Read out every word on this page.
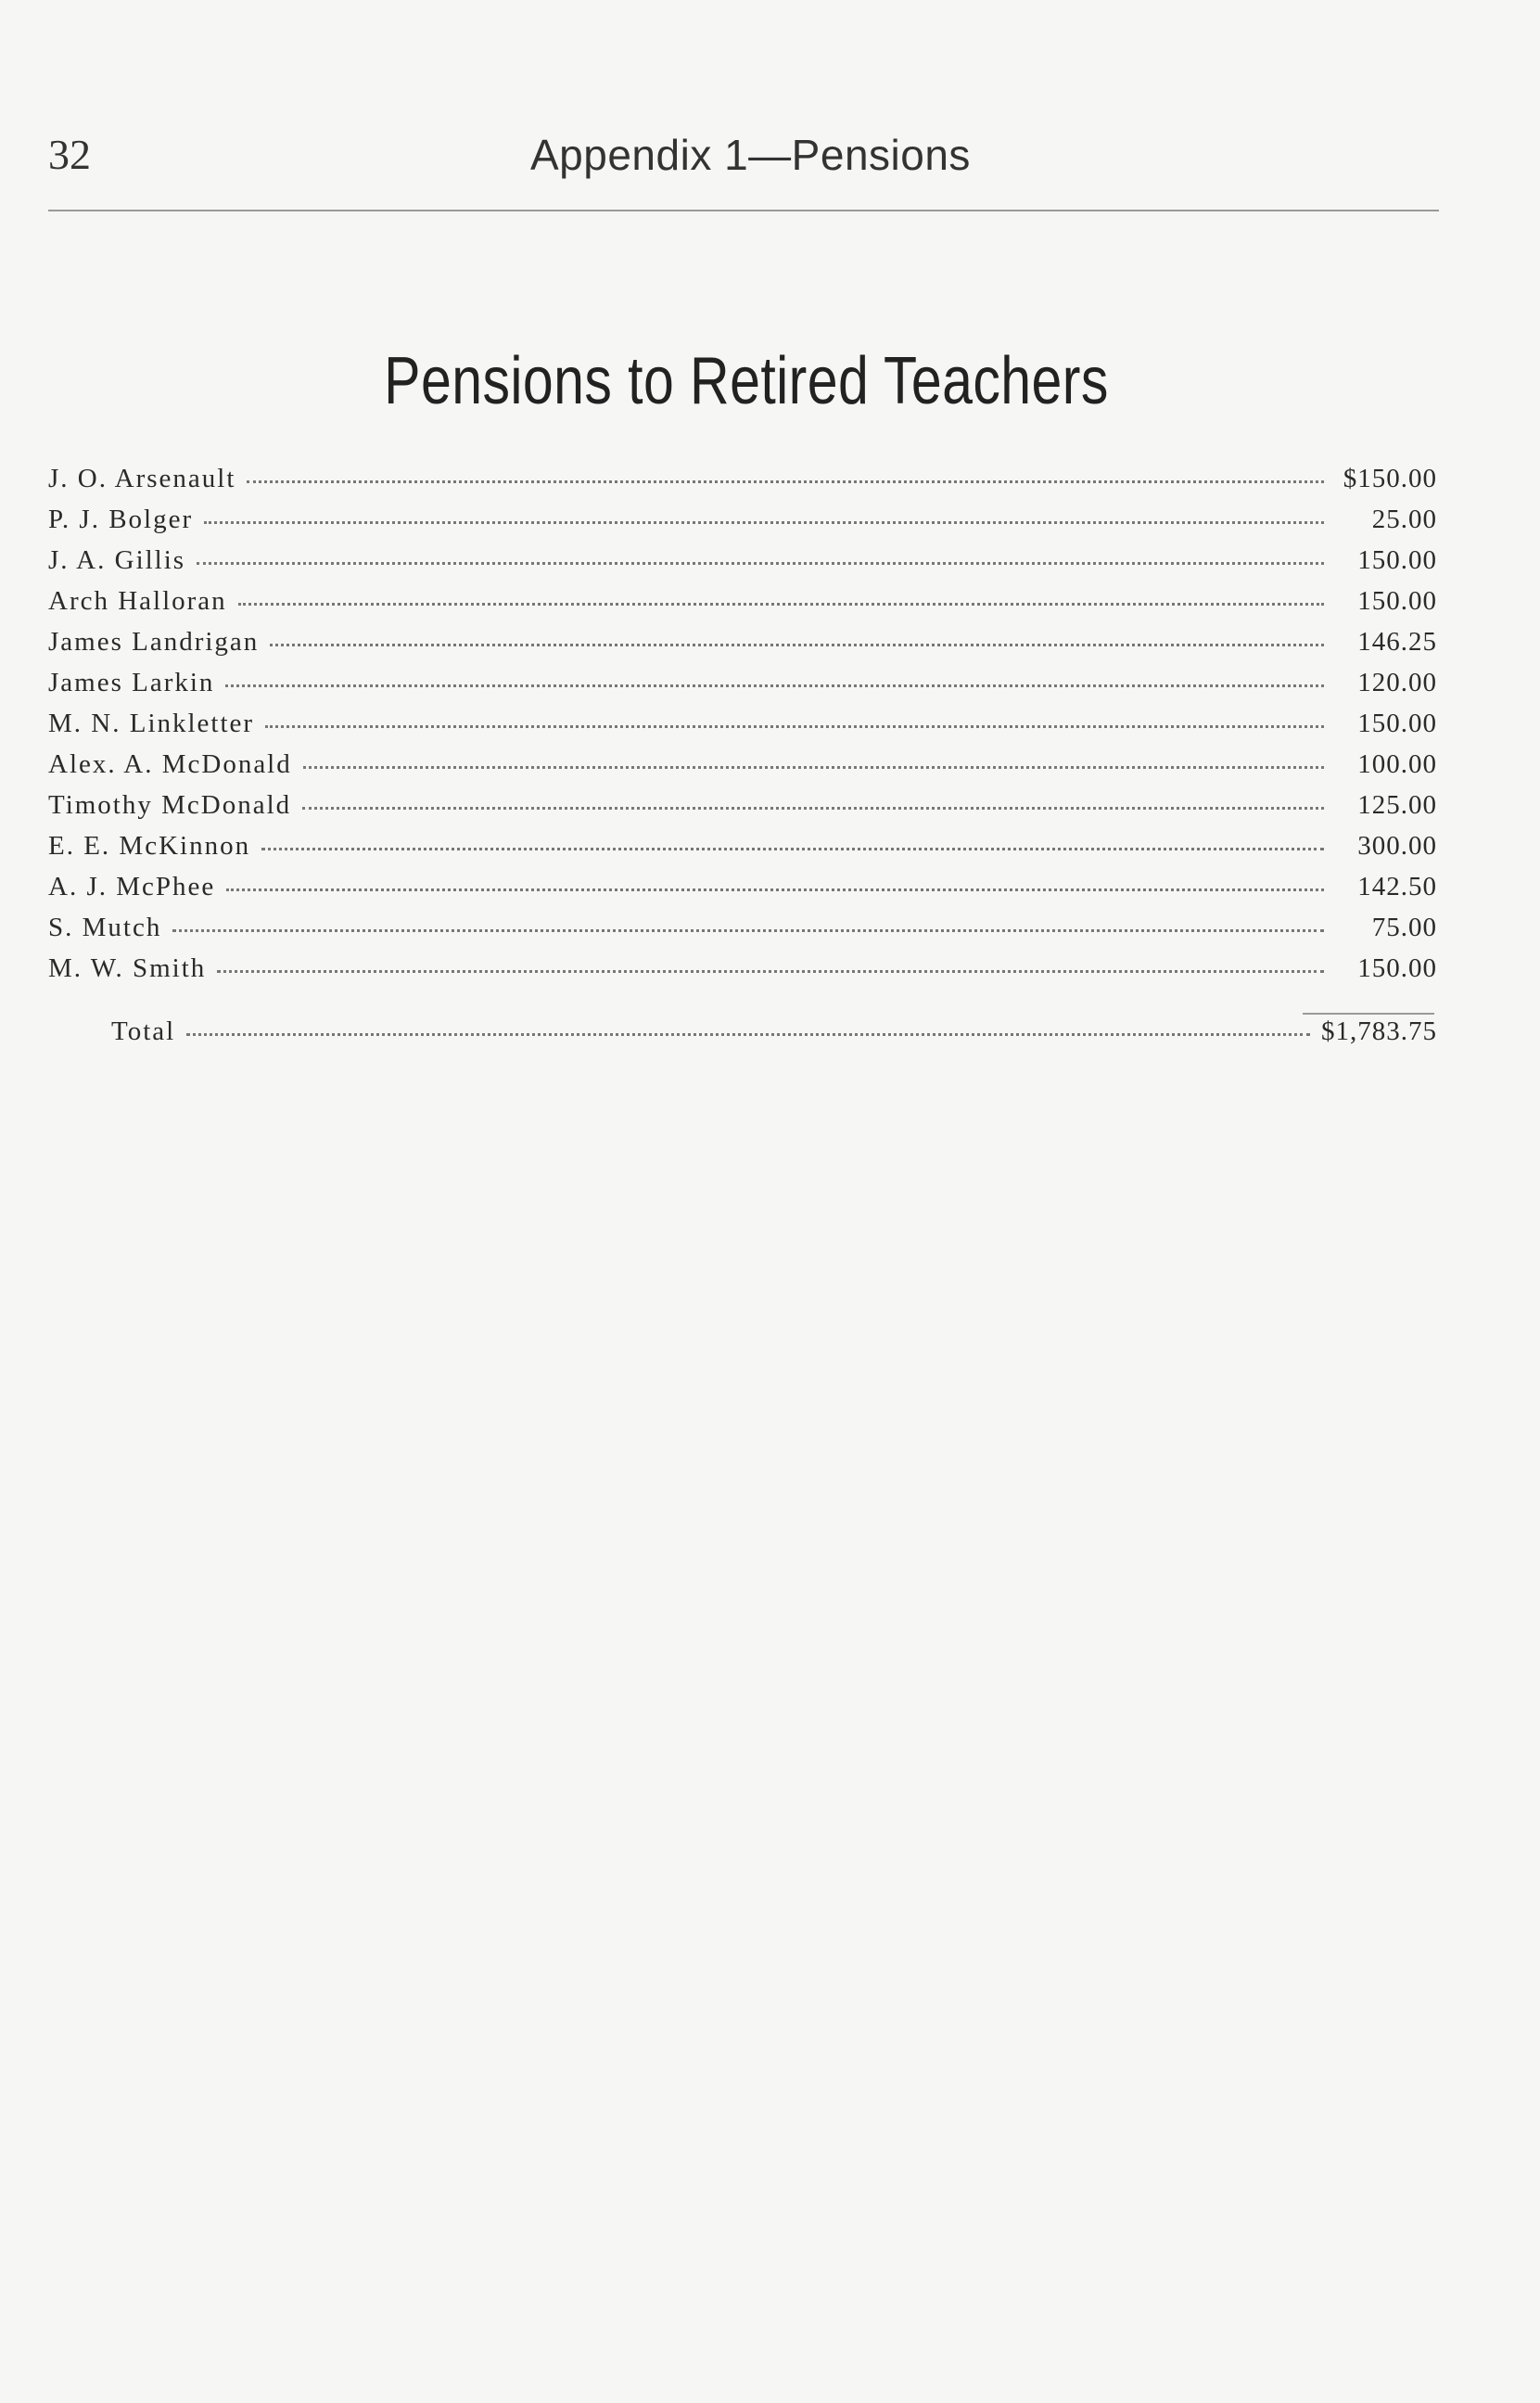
32	Appendix 1—Pensions
Pensions to Retired Teachers
J. O. Arsenault	$150.00
P. J. Bolger	25.00
J. A. Gillis	150.00
Arch Halloran	150.00
James Landrigan	146.25
James Larkin	120.00
M. N. Linkletter	150.00
Alex. A. McDonald	100.00
Timothy McDonald	125.00
E. E. McKinnon	300.00
A. J. McPhee	142.50
S. Mutch	75.00
M. W. Smith	150.00
Total	$1,783.75
